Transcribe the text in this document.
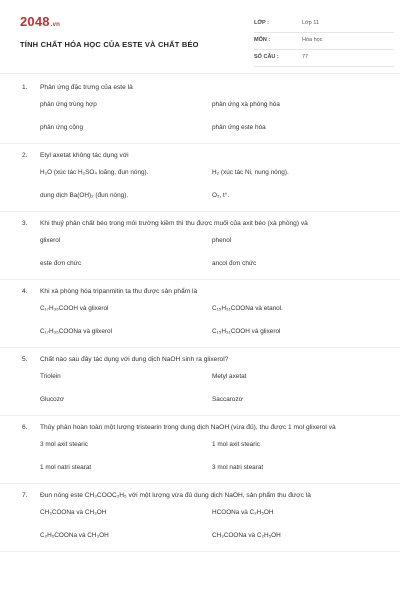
2048.vn
TÍNH CHẤT HÓA HỌC CỦA ESTE VÀ CHẤT BÉO
LỚP :	Lớp 11
MÔN :	Hóa học
SỐ CÂU :	77
1. Phản ứng đặc trưng của este là
phản ứng trùng hợp	phản ứng xà phòng hóa
phản ứng cộng	phản ứng este hóa
2. Etyl axetat không tác dụng với
H₂O (xúc tác H₂SO₄ loãng, đun nóng).	H₂ (xúc tác Ni, nung nóng).
dung dịch Ba(OH)₂ (đun nóng).	O₂, t°.
3. Khi thuỷ phân chất béo trong môi trường kiềm thì thu được muối của axit béo (xà phòng) và
glixerol	phenol
este đơn chức	ancol đơn chức
4. Khi xà phòng hóa tripanmitin ta thu được sản phẩm là
C₁₇H₃₅COOH và glixerol	C₁₅H₃₁COONa và etanol.
C₁₇H₃₅COONa và glixerol	C₁₅H₃₁COOH và glixerol
5. Chất nào sau đây tác dụng với dung dịch NaOH sinh ra glixerol?
Triolein	Metyl axetat
Glucozơ	Saccarozơ
6. Thủy phân hoàn toàn một lượng tristearin trong dung dịch NaOH (vừa đủ), thu được 1 mol glixerol và
3 mol axit stearic	1 mol axit stearic
1 mol natri stearat	3 mol natri stearat
7. Đun nóng este CH₃COOC₂H₅ với một lượng vừa đủ dung dịch NaOH, sản phẩm thu được là
CH₃COONa và CH₃OH	HCOONa và C₂H₅OH
C₂H₅COONa và CH₃OH	CH₃COONa và C₂H₅OH
